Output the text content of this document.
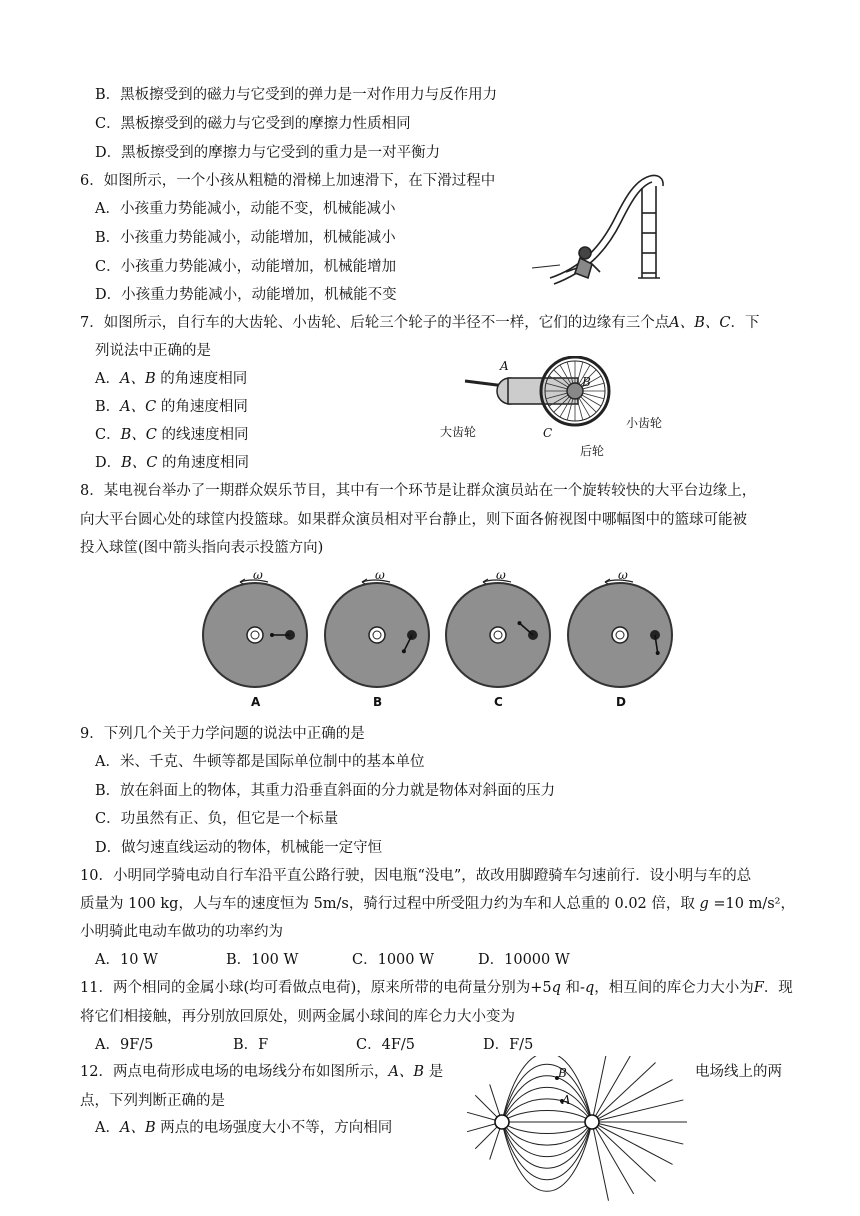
B．黑板擦受到的磁力与它受到的弹力是一对作用力与反作用力
C．黑板擦受到的磁力与它受到的摩擦力性质相同
D．黑板擦受到的摩擦力与它受到的重力是一对平衡力
6．如图所示，一个小孩从粗糙的滑梯上加速滑下，在下滑过程中
A．小孩重力势能减小，动能不变，机械能减小
B．小孩重力势能减小，动能增加，机械能减小
C．小孩重力势能减小，动能增加，机械能增加
D．小孩重力势能减小，动能增加，机械能不变
7．如图所示，自行车的大齿轮、小齿轮、后轮三个轮子的半径不一样，它们的边缘有三个点A、B、C．下
列说法中正确的是
A．A、B 的角速度相同
B．A、C 的角速度相同
C．B、C 的线速度相同
D．B、C 的角速度相同
A
B
C
大齿轮
小齿轮
后轮
8．某电视台举办了一期群众娱乐节目，其中有一个环节是让群众演员站在一个旋转较快的大平台边缘上，
向大平台圆心处的球筐内投篮球。如果群众演员相对平台静止，则下面各俯视图中哪幅图中的篮球可能被
投入球筐(图中箭头指向表示投篮方向)
ω
A
ω
B
ω
C
ω
D
9．下列几个关于力学问题的说法中正确的是
A．米、千克、牛顿等都是国际单位制中的基本单位
B．放在斜面上的物体，其重力沿垂直斜面的分力就是物体对斜面的压力
C．功虽然有正、负，但它是一个标量
D．做匀速直线运动的物体，机械能一定守恒
10．小明同学骑电动自行车沿平直公路行驶，因电瓶“没电”，故改用脚蹬骑车匀速前行．设小明与车的总
质量为 100 kg，人与车的速度恒为 5m/s，骑行过程中所受阻力约为车和人总重的 0.02 倍，取 g =10 m/s²，
小明骑此电动车做功的功率约为
A．10 W	B．100 W	C．1000 W	D．10000 W
11．两个相同的金属小球(均可看做点电荷)，原来所带的电荷量分别为+5q 和-q，相互间的库仑力大小为F．现
将它们相接触，再分别放回原处，则两金属小球间的库仑力大小变为
A．9F/5	B．F	C．4F/5	D．F/5
12．两点电荷形成电场的电场线分布如图所示，A、B 是	电场线上的两
点，下列判断正确的是
A．A、B 两点的电场强度大小不等，方向相同
B
A
